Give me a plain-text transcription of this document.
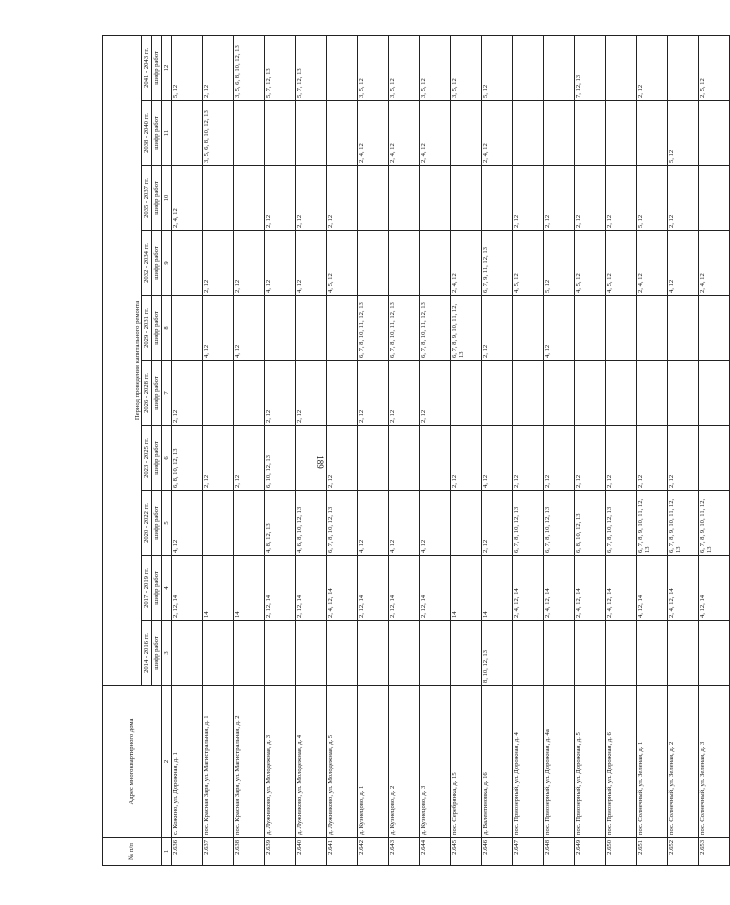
189
№ п/п	Адрес многоквартирного дома	Период проведения капитального ремонта									
		2014 - 2016 гг.	2017 - 2019 гг.	2020 - 2022 гг.	2023 - 2025 гг.	2026 - 2028 гг.	2029 - 2031 гг.	2032 - 2034 гг.	2035 - 2037 гг.	2038 - 2040 гг.	2041 - 2043 гг.
		шифр работ	шифр работ	шифр работ	шифр работ	шифр работ	шифр работ	шифр работ	шифр работ	шифр работ	шифр работ
1	2	3	4	5	6	7	8	9	10	11	12
2.636	с. Кожино, ул. Дорожная, д. 1		2, 12, 14	4, 12	6, 8, 10, 12, 13	2, 12			2, 4, 12		5, 12
2.637	пос. Красная Заря, ул. Магистральная, д. 1		14		2, 12		4, 12	2, 12		3, 5, 6, 8, 10, 12, 13	2, 12
2.638	пос. Красная Заря, ул. Магистральная, д. 2		14		2, 12		4, 12	2, 12			3, 5, 6, 8, 10, 12, 13
2.639	д. Лужниково, ул. Молодежная, д. 3		2, 12, 14	4, 8, 12, 13	6, 10, 12, 13	2, 12		4, 12	2, 12		5, 7, 12, 13
2.640	д. Лужниково, ул. Молодежная, д. 4		2, 12, 14	4, 6, 8, 10, 12, 13		2, 12		4, 12	2, 12		5, 7, 12, 13
2.641	д. Лужниково, ул. Молодежная, д. 5		2, 4, 12, 14	6, 7, 8, 10, 12, 13	2, 12			4, 5, 12	2, 12		
2.642	д. Кузнецово, д. 1		2, 12, 14	4, 12		2, 12	6, 7, 8, 10, 11, 12, 13			2, 4, 12	3, 5, 12
2.643	д. Кузнецово, д. 2		2, 12, 14	4, 12		2, 12	6, 7, 8, 10, 11, 12, 13			2, 4, 12	3, 5, 12
2.644	д. Кузнецово, д. 3		2, 12, 14	4, 12		2, 12	6, 7, 8, 10, 11, 12, 13			2, 4, 12	3, 5, 12
2.645	пос. Серебрянка, д. 15		14		2, 12		6, 7, 8, 9, 10, 11, 12, 13	2, 4, 12			3, 5, 12
2.646	д. Валентиновка, д. 16	8, 10, 12, 13	14	2, 12	4, 12		2, 12	6, 7, 9, 11, 12, 13		2, 4, 12	5, 12
2.647	пос. Приозерный, ул. Дорожная, д. 4		2, 4, 12, 14	6, 7, 8, 10, 12, 13	2, 12			4, 5, 12	2, 12		
2.648	пос. Приозерный, ул. Дорожная, д. 4а		2, 4, 12, 14	6, 7, 8, 10, 12, 13	2, 12		4, 12	5, 12	2, 12		
2.649	пос. Приозерный, ул. Дорожная, д. 5		2, 4, 12, 14	6, 8, 10, 12, 13	2, 12			4, 5, 12	2, 12		7, 12, 13
2.650	пос. Приозерный, ул. Дорожная, д. 6		2, 4, 12, 14	6, 7, 8, 10, 12, 13	2, 12			4, 5, 12	2, 12		
2.651	пос. Солнечный, ул. Зеленая, д. 1		4, 12, 14	6, 7, 8, 9, 10, 11, 12, 13	2, 12			2, 4, 12	5, 12		2, 12
2.652	пос. Солнечный, ул. Зеленая, д. 2		2, 4, 12, 14	6, 7, 8, 9, 10, 11, 12, 13	2, 12			4, 12	2, 12	5, 12	
2.653	пос. Солнечный, ул. Зеленая, д. 3		4, 12, 14	6, 7, 8, 9, 10, 11, 12, 13				2, 4, 12			2, 5, 12
